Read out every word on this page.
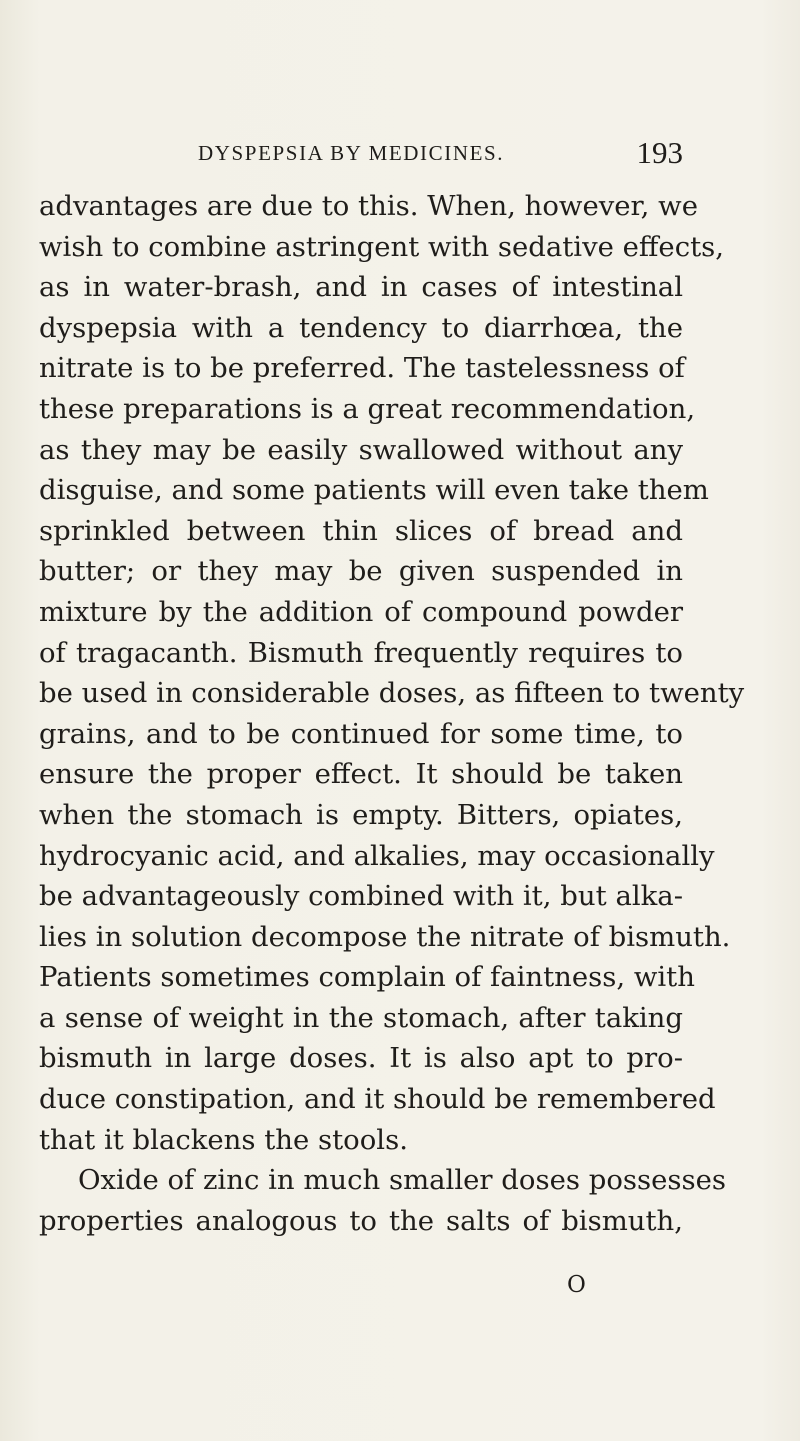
DYSPEPSIA BY MEDICINES.	193
advantages are due to this. When, however, we
wish to combine astringent with sedative effects,
as in water-brash, and in cases of intestinal
dyspepsia with a tendency to diarrhœa, the
nitrate is to be preferred. The tastelessness of
these preparations is a great recommendation,
as they may be easily swallowed without any
disguise, and some patients will even take them
sprinkled between thin slices of bread and
butter; or they may be given suspended in
mixture by the addition of compound powder
of tragacanth. Bismuth frequently requires to
be used in considerable doses, as fifteen to twenty
grains, and to be continued for some time, to
ensure the proper effect. It should be taken
when the stomach is empty. Bitters, opiates,
hydrocyanic acid, and alkalies, may occasionally
be advantageously combined with it, but alka-
lies in solution decompose the nitrate of bismuth.
Patients sometimes complain of faintness, with
a sense of weight in the stomach, after taking
bismuth in large doses. It is also apt to pro-
duce constipation, and it should be remembered
that it blackens the stools.
Oxide of zinc in much smaller doses possesses
properties analogous to the salts of bismuth,
O
